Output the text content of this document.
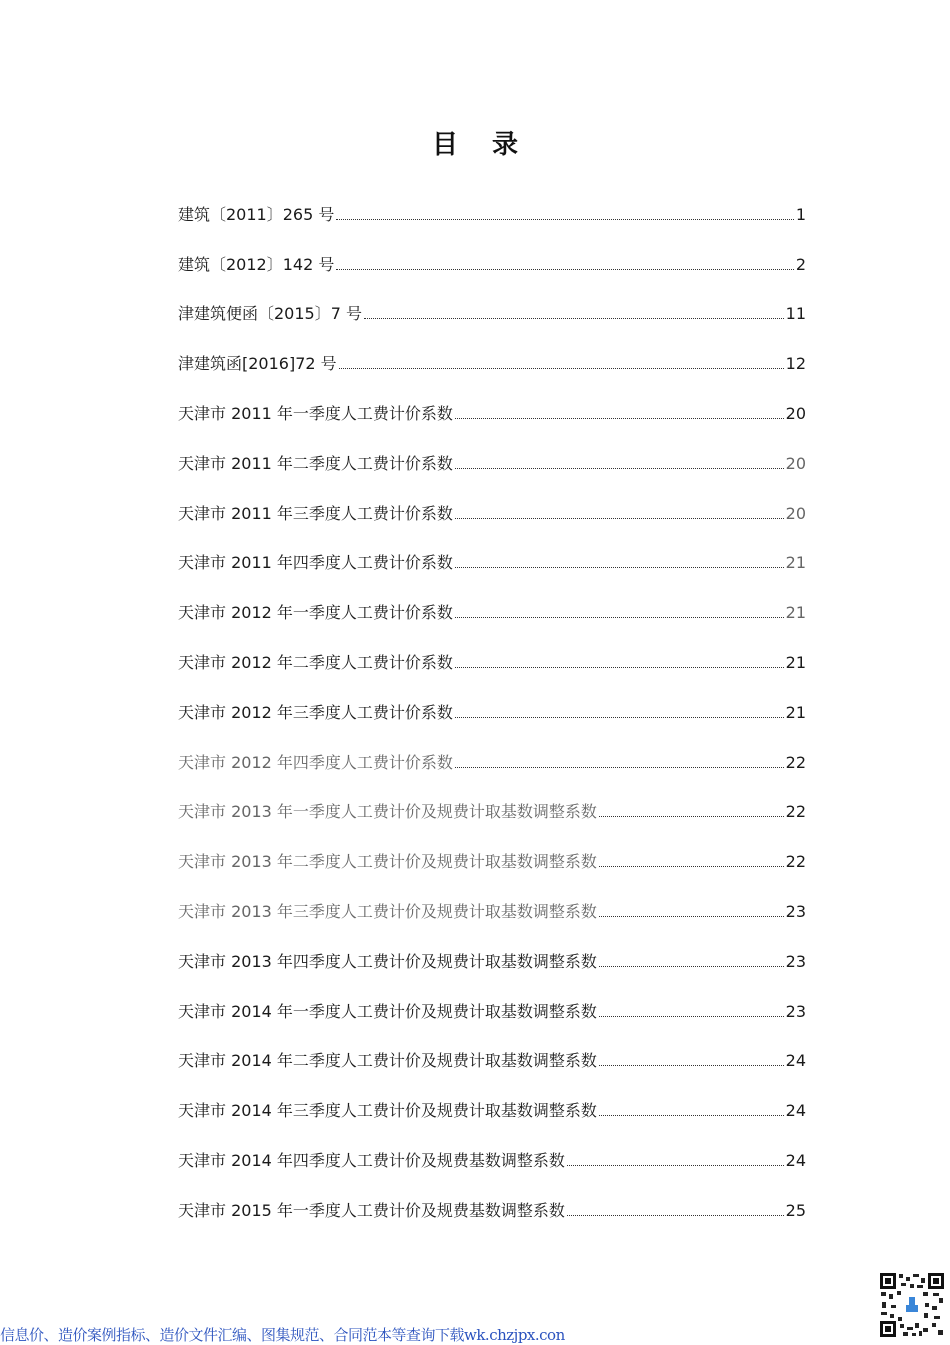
目录
建筑〔2011〕265 号	1
建筑〔2012〕142 号	2
津建筑便函〔2015〕7 号	11
津建筑函[2016]72 号	12
天津市 2011 年一季度人工费计价系数	20
天津市 2011 年二季度人工费计价系数	20
天津市 2011 年三季度人工费计价系数	20
天津市 2011 年四季度人工费计价系数	21
天津市 2012 年一季度人工费计价系数	21
天津市 2012 年二季度人工费计价系数	21
天津市 2012 年三季度人工费计价系数	21
天津市 2012 年四季度人工费计价系数	22
天津市 2013 年一季度人工费计价及规费计取基数调整系数	22
天津市 2013 年二季度人工费计价及规费计取基数调整系数	22
天津市 2013 年三季度人工费计价及规费计取基数调整系数	23
天津市 2013 年四季度人工费计价及规费计取基数调整系数	23
天津市 2014 年一季度人工费计价及规费计取基数调整系数	23
天津市 2014 年二季度人工费计价及规费计取基数调整系数	24
天津市 2014 年三季度人工费计价及规费计取基数调整系数	24
天津市 2014 年四季度人工费计价及规费基数调整系数	24
天津市 2015 年一季度人工费计价及规费基数调整系数	25
信息价、造价案例指标、造价文件汇编、图集规范、合同范本等查询下载wk.chzjpx.con
